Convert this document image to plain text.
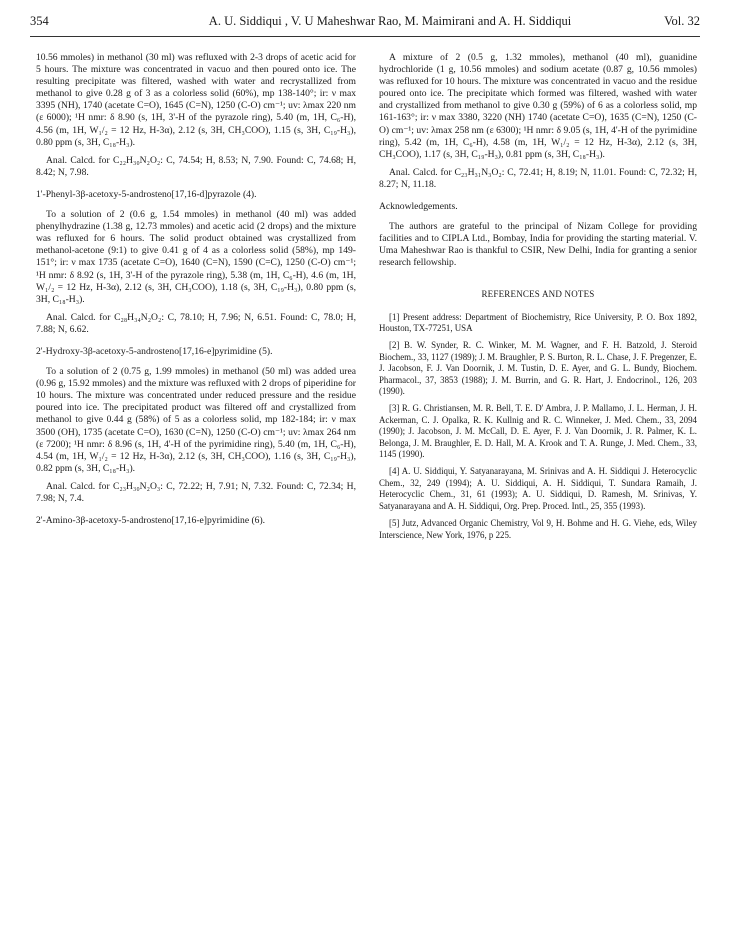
354	A. U. Siddiqui , V. U Maheshwar Rao, M. Maimirani and A. H. Siddiqui	Vol. 32

10.56 mmoles) in methanol (30 ml) was refluxed with 2-3 drops of acetic acid for 5 hours. The mixture was concentrated in vacuo and then poured onto ice. The resulting precipitate was filtered, washed with water and recrystallized from methanol to give 0.28 g of 3 as a colorless solid (60%), mp 138-140°; ir: ν max 3395 (NH), 1740 (acetate C=O), 1645 (C=N), 1250 (C-O) cm⁻¹; uv: λmax 220 nm (ε 6000); ¹H nmr: δ 8.90 (s, 1H, 3'-H of the pyrazole ring), 5.40 (m, 1H, C₆-H), 4.56 (m, 1H, W₁/₂ = 12 Hz, H-3α), 2.12 (s, 3H, CH₃COO), 1.15 (s, 3H, C₁₉-H₃), 0.80 ppm (s, 3H, C₁₈-H₃).

Anal. Calcd. for C₂₂H₃₀N₂O₂: C, 74.54; H, 8.53; N, 7.90. Found: C, 74.68; H, 8.42; N, 7.98.

1'-Phenyl-3β-acetoxy-5-androsteno[17,16-d]pyrazole (4).

To a solution of 2 (0.6 g, 1.54 mmoles) in methanol (40 ml) was added phenylhydrazine (1.38 g, 12.73 mmoles) and acetic acid (2 drops) and the mixture was refluxed for 6 hours. The solid product obtained was crystallized from methanol-acetone (9:1) to give 0.41 g of 4 as a colorless solid (58%), mp 149-151°; ir: ν max 1735 (acetate C=O), 1640 (C=N), 1590 (C=C), 1250 (C-O) cm⁻¹; ¹H nmr: δ 8.92 (s, 1H, 3'-H of the pyrazole ring), 5.38 (m, 1H, C₆-H), 4.6 (m, 1H, W₁/₂ = 12 Hz, H-3α), 2.12 (s, 3H, CH₃COO), 1.18 (s, 3H, C₁₉-H₃), 0.80 ppm (s, 3H, C₁₈-H₃).

Anal. Calcd. for C₂₈H₃₄N₂O₂: C, 78.10; H, 7.96; N, 6.51. Found: C, 78.0; H, 7.88; N, 6.62.

2'-Hydroxy-3β-acetoxy-5-androsteno[17,16-e]pyrimidine (5).

To a solution of 2 (0.75 g, 1.99 mmoles) in methanol (50 ml) was added urea (0.96 g, 15.92 mmoles) and the mixture was refluxed with 2 drops of piperidine for 10 hours. The mixture was concentrated under reduced pressure and the residue poured into ice. The precipitated product was filtered off and crystallized from methanol to give 0.44 g (58%) of 5 as a colorless solid, mp 182-184; ir: ν max 3500 (OH), 1735 (acetate C=O), 1630 (C=N), 1250 (C-O) cm⁻¹; uv: λmax 264 nm (ε 7200); ¹H nmr: δ 8.96 (s, 1H, 4'-H of the pyrimidine ring), 5.40 (m, 1H, C₆-H), 4.54 (m, 1H, W₁/₂ = 12 Hz, H-3α), 2.12 (s, 3H, CH₃COO), 1.16 (s, 3H, C₁₉-H₃), 0.82 ppm (s, 3H, C₁₈-H₃).

Anal. Calcd. for C₂₃H₃₀N₂O₃: C, 72.22; H, 7.91; N, 7.32. Found: C, 72.34; H, 7.98; N, 7.4.

2'-Amino-3β-acetoxy-5-androsteno[17,16-e]pyrimidine (6).

A mixture of 2 (0.5 g, 1.32 mmoles), methanol (40 ml), guanidine hydrochloride (1 g, 10.56 mmoles) and sodium acetate (0.87 g, 10.56 mmoles) was refluxed for 10 hours. The mixture was concentrated in vacuo and the residue poured onto ice. The precipitate which formed was filtered, washed with water and crystallized from methanol to give 0.30 g (59%) of 6 as a colorless solid, mp 161-163°; ir: ν max 3380, 3220 (NH) 1740 (acetate C=O), 1635 (C=N), 1250 (C-O) cm⁻¹; uv: λmax 258 nm (ε 6300); ¹H nmr: δ 9.05 (s, 1H, 4'-H of the pyrimidine ring), 5.42 (m, 1H, C₆-H), 4.58 (m, 1H, W₁/₂ = 12 Hz, H-3α), 2.12 (s, 3H, CH₃COO), 1.17 (s, 3H, C₁₉-H₃), 0.81 ppm (s, 3H, C₁₈-H₃).

Anal. Calcd. for C₂₃H₃₁N₃O₂: C, 72.41; H, 8.19; N, 11.01. Found: C, 72.32; H, 8.27; N, 11.18.

Acknowledgements.

The authors are grateful to the principal of Nizam College for providing facilities and to CIPLA Ltd., Bombay, India for providing the starting material. V. Uma Maheshwar Rao is thankful to CSIR, New Delhi, India for granting a senior research fellowship.

REFERENCES AND NOTES

[1] Present address: Department of Biochemistry, Rice University, P. O. Box 1892, Houston, TX-77251, USA

[2] B. W. Synder, R. C. Winker, M. M. Wagner, and F. H. Batzold, J. Steroid Biochem., 33, 1127 (1989); J. M. Braughler, P. S. Burton, R. L. Chase, J. F. Pregenzer, E. J. Jacobson, F. J. Van Doornik, J. M. Tustin, D. E. Ayer, and G. L. Bundy, Biochem. Pharmacol., 37, 3853 (1988); J. M. Burrin, and G. R. Hart, J. Endocrinol., 126, 203 (1990).

[3] R. G. Christiansen, M. R. Bell, T. E. D' Ambra, J. P. Mallamo, J. L. Herman, J. H. Ackerman, C. J. Opalka, R. K. Kullnig and R. C. Winneker, J. Med. Chem., 33, 2094 (1990); J. Jacobson, J. M. McCall, D. E. Ayer, F. J. Van Doornik, J. R. Palmer, K. L. Belonga, J. M. Braughler, E. D. Hall, M. A. Krook and T. A. Runge, J. Med. Chem., 33, 1145 (1990).

[4] A. U. Siddiqui, Y. Satyanarayana, M. Srinivas and A. H. Siddiqui J. Heterocyclic Chem., 32, 249 (1994); A. U. Siddiqui, A. H. Siddiqui, T. Sundara Ramaih, J. Heterocyclic Chem., 31, 61 (1993); A. U. Siddiqui, D. Ramesh, M. Srinivas, Y. Satyanarayana and A. H. Siddiqui, Org. Prep. Proced. Intl., 25, 355 (1993).

[5] Jutz, Advanced Organic Chemistry, Vol 9, H. Bohme and H. G. Viehe, eds, Wiley Interscience, New York, 1976, p 225.
